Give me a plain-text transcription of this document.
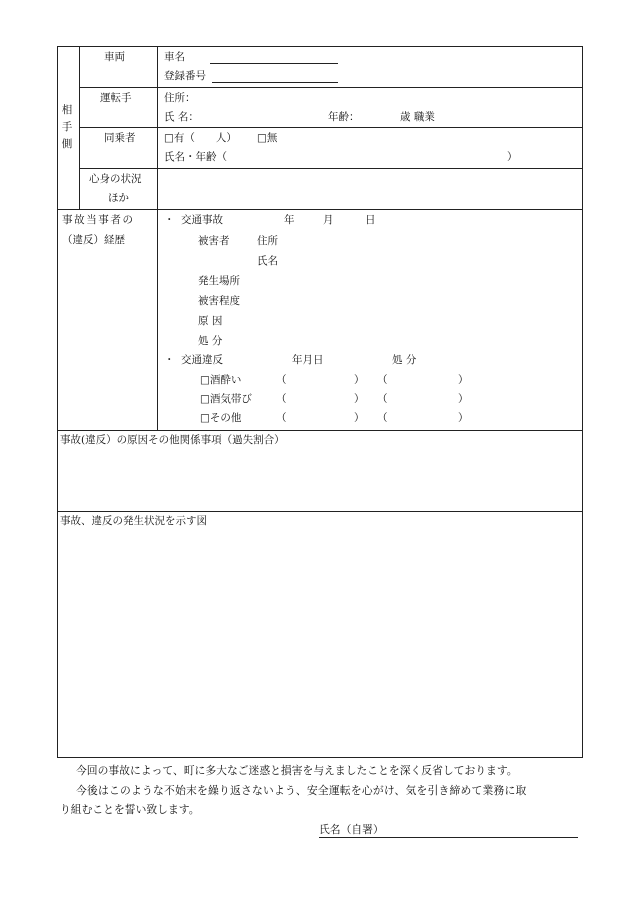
相
手
側
車両	車名
登録番号
運転手	住所：
氏 名：	年齢：	歳 職業
同乗者	□有（　　人） □無
氏名・年齢（	）
心身の状況
ほか
事故当事者の
（違反）経歴
・ 交通事故	年	月	日
被害者	住所
氏名
発生場所
被害程度
原 因
処 分
・ 交通違反	年月日	処 分
□酒酔い	（	） （	）
□酒気帯び （	） （	）
□その他	（	） （	）
事故(違反）の原因その他関係事項（過失割合）
事故、違反の発生状況を示す図
今回の事故によって、町に多大なご迷惑と損害を与えましたことを深く反省しております。
今後はこのような不始末を繰り返さないよう、安全運転を心がけ、気を引き締めて業務に取
り組むことを誓い致します。
氏名（自署）
